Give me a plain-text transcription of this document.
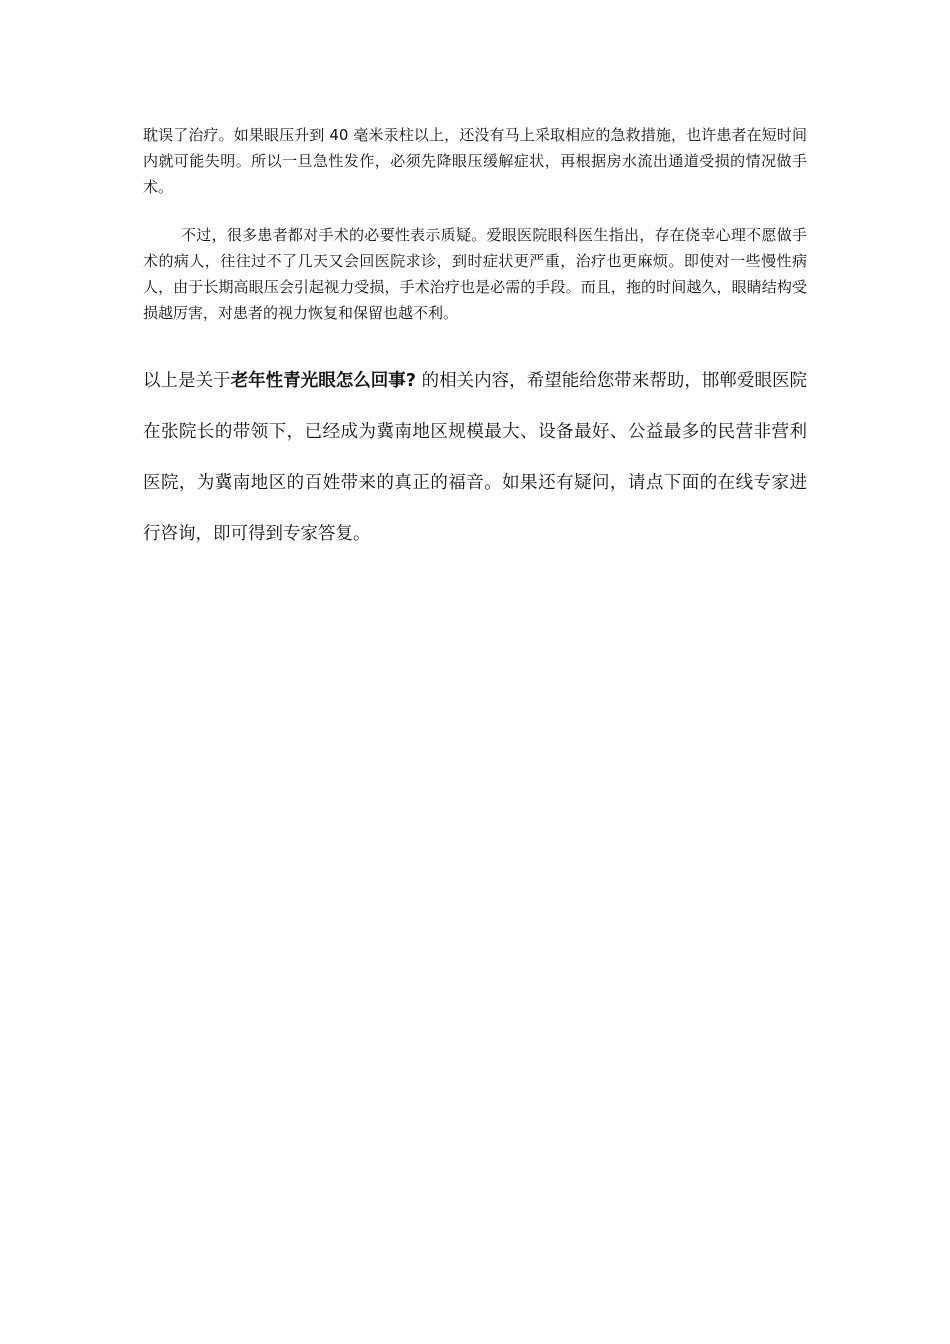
耽误了治疗。如果眼压升到 40 毫米汞柱以上，还没有马上采取相应的急救措施，也许患者在短时间内就可能失明。所以一旦急性发作，必须先降眼压缓解症状，再根据房水流出通道受损的情况做手术。

不过，很多患者都对手术的必要性表示质疑。爱眼医院眼科医生指出，存在侥幸心理不愿做手术的病人，往往过不了几天又会回医院求诊，到时症状更严重，治疗也更麻烦。即使对一些慢性病人，由于长期高眼压会引起视力受损，手术治疗也是必需的手段。而且，拖的时间越久，眼睛结构受损越厉害，对患者的视力恢复和保留也越不利。

以上是关于老年性青光眼怎么回事? 的相关内容，希望能给您带来帮助，邯郸爱眼医院在张院长的带领下，已经成为冀南地区规模最大、设备最好、公益最多的民营非营利医院，为冀南地区的百姓带来的真正的福音。如果还有疑问，请点下面的在线专家进行咨询，即可得到专家答复。
